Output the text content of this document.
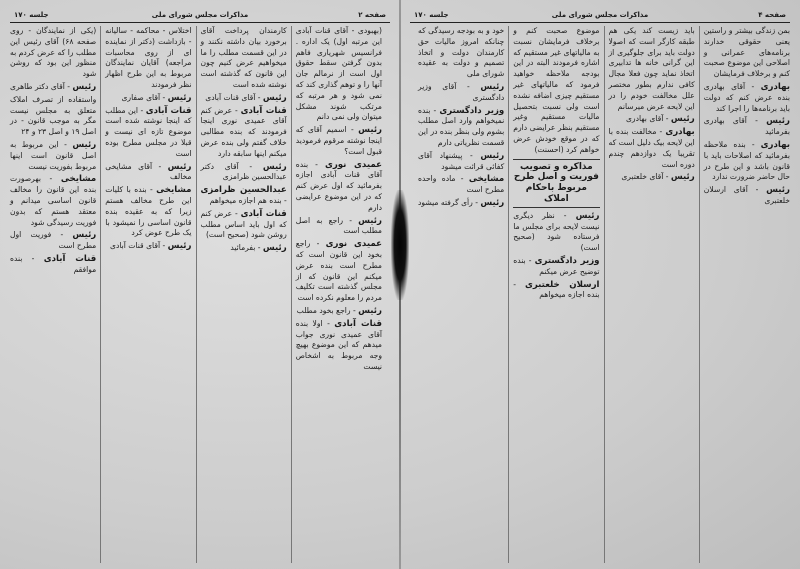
صفحه ۲
مذاکرات مجلس شورای ملی
جلسه ۱۷۰

(بهبودی - آقای قنات آبادی این مرتبه اول) یک اداره . فرانسیس شهریاری فاهم بدون گرفتن سقط حقوق اول است از نرمالم جان آنها را و توهم گذاری کند که نمی شود و هر مرتبه که مرتکب شوند مشکل میتوان ولی نمی دانم

رئیس - اسمیم آقای که اینجا نوشته مرقوم فرمودید قبول است؟

عمیدی نوری - بنده آقای قنات آبادی اجازه بفرمائید که اول عرض کنم که در این موضوع عرایضی دارم

رئیس - راجع به اصل مطلب است

عمیدی نوری - راجع بخود این قانون است که مطرح است بنده عرض میکنم این قانون که از مجلس گذشته است تکلیف مردم را معلوم نکرده است

رئیس - راجع بخود مطلب

قنات آبادی - اولا بنده آقای عمیدی نوری جواب میدهم که این موضوع بهیچ وجه مربوط به اشخاص نیست

کارمندان پرداخت آقای برخورد بیان داشته نکنند و در این قسمت مطلب را ما میخواهیم عرض کنیم چون این قانون که گذشته است نوشته شده است

رئیس - آقای قنات آبادی

قنات آبادی - عرض کنم آقای عمیدی نوری اینجا فرمودند که بنده مطالبی خلاف گفتم ولی بنده عرض میکنم اینها سابقه دارد

رئیس - آقای دکتر عبدالحسین ظرامزی

عبدالحسین ظرامزی - بنده هم اجازه میخواهم

قنات آبادی - عرض کنم که اول باید اساس مطلب روشن شود (صحیح است)

رئیس - بفرمائید

اختلاس - محاکمه - سالیانه - بازداشت (دکتر از نماینده ای از روی محاسبات مراجعه) آقایان نمایندگان مربوط به این طرح اظهار نظر فرمودند

رئیس - آقای صفاری

قنات آبادی - این مطلب که اینجا نوشته شده است موضوع تازه ای نیست و قبلا در مجلس مطرح بوده است

رئیس - آقای مشایخی مخالف

مشایخی - بنده با کلیات این طرح مخالف هستم زیرا که به عقیده بنده قانون اساسی را نمیشود با یک طرح عوض کرد

رئیس - آقای قنات آبادی

(یکی از نمایندگان - روی صفحه ۶۸) آقای رئیس این مطلب را که عرض کردم به منظور این بود که روشن شود

رئیس - آقای دکتر طاهری

واستفاده از تصرف املاک متعلق به مجلس نیست مگر به موجب قانون - در اصل ۱۹ و اصل ۲۳ و ۲۴

رئیس - این مربوط به اصل قانون است اینها مربوط بفوریت نیست

مشایخی - بهرصورت بنده این قانون را مخالف قانون اساسی میدانم و معتقد هستم که بدون فوریت رسیدگی شود

رئیس - فوریت اول مطرح است

قنات آبادی - بنده موافقم

صفحه ۴
مذاکرات مجلس شورای ملی
جلسه ۱۷۰

بمن زندگی بیشتر و راستین یعنی حقوقی خدارند برنامه‌های عمرانی و اصلاحی این موضوع صحبت کنم و برخلاف فرمایشان

بهادری - آقای بهادری بنده عرض کنم که دولت باید برنامه‌ها را اجرا کند

رئیس - آقای بهادری بفرمائید

بهادری - بنده ملاحظه بفرمائید که اصلاحات باید با قانون باشد و این طرح در حال حاضر ضرورت ندارد

رئیس - آقای ارسلان خلعتبری

باید زیست کند یکی هم طبقه کارگر است که اصولا دولت باید برای جلوگیری از این گرانی خانه ها تدابیری اتخاذ نماید چون فعلا مجال کافی ندارم بطور مختصر علل مخالفت خودم را در این لایحه عرض میرسانم

رئیس - آقای بهادری

بهادری - مخالفت بنده با این لایحه بیک دلیل است که تقریبا یک دوازدهم چندم دوره است

رئیس - آقای خلعتبری

موضوع صحبت کنم و برخلاف فرمایشان نسبت به مالیاتهای غیر مستقیم که اشاره فرمودند البته در این بودجه ملاحظه خواهید فرمود که مالیاتهای غیر مستقیم چیزی اضافه نشده است ولی نسبت بتحصیل مالیات مستقیم وغیر مستقیم بنظر عرایضی دارم که در موقع خودش عرض خواهم کرد (احسنت)

مذاکره و تصویب فوریت و اصل طرح مربوط باحکام املاک

رئیس - نظر دیگری نیست لایحه برای مجلس ما فرستاده شود (صحیح است)

وزیر دادگستری - بنده توضیح عرض میکنم

ارسلان خلعتبری - بنده اجازه میخواهم

خود و به بودجه رسیدگی که چنانکه امروز مالیات حق کارمندان دولت و اتخاذ تصمیم و دولت به عقیده شورای ملی

رئیس - آقای وزیر دادگستری

وزیر دادگستری - بنده نمیخواهم وارد اصل مطلب بشوم ولی بنظر بنده در این قسمت نظریاتی دارم

رئیس - پیشنهاد آقای کفائی قرائت میشود

مشایخی - ماده واحده مطرح است

رئیس - رأی گرفته میشود
